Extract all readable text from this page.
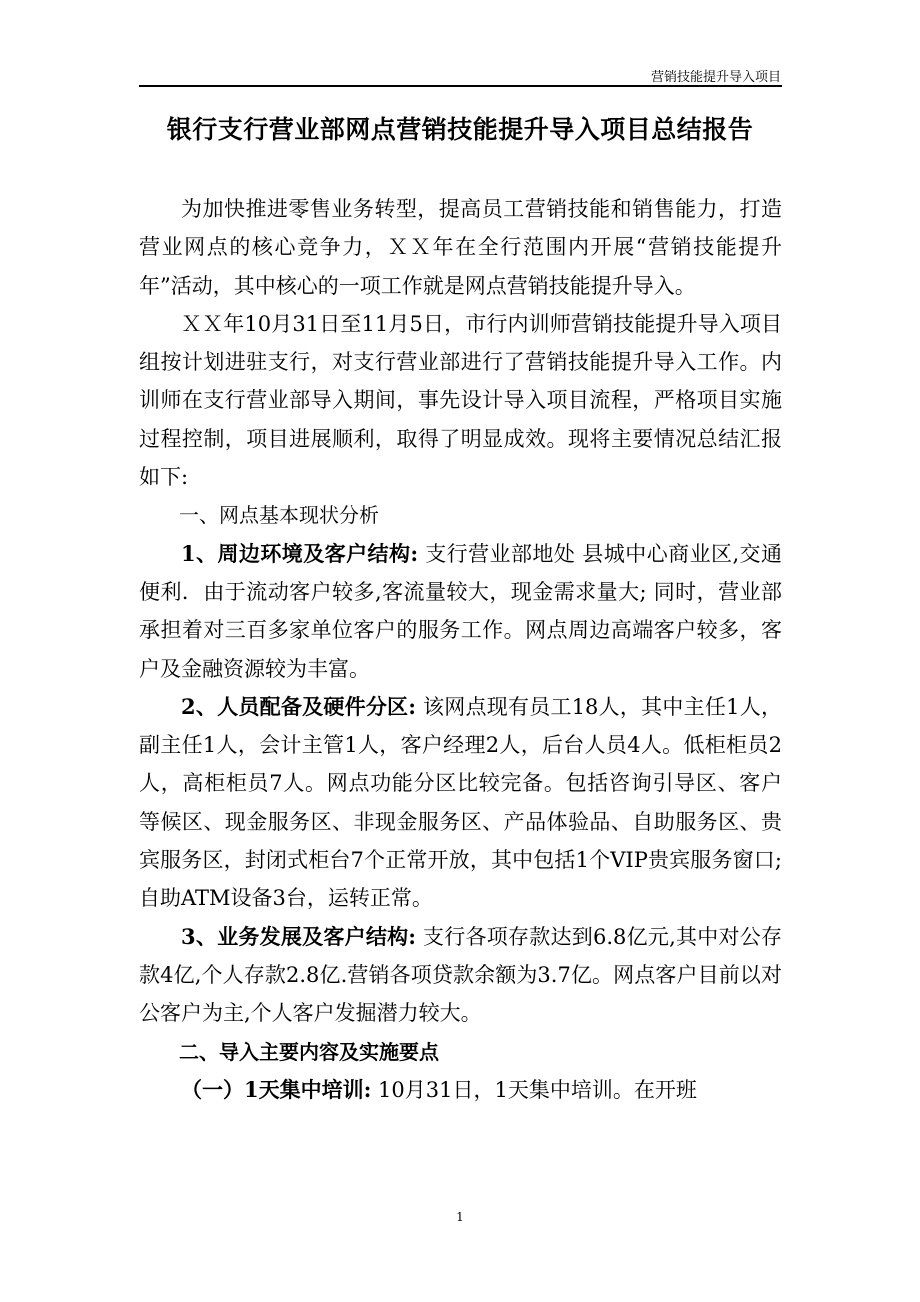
营销技能提升导入项目
银行支行营业部网点营销技能提升导入项目总结报告

为加快推进零售业务转型，提高员工营销技能和销售能力，打造营业网点的核心竞争力，ＸＸ年在全行范围内开展“营销技能提升年”活动，其中核心的一项工作就是网点营销技能提升导入。

ＸＸ年10月31日至11月5日，市行内训师营销技能提升导入项目组按计划进驻支行，对支行营业部进行了营销技能提升导入工作。内训师在支行营业部导入期间，事先设计导入项目流程，严格项目实施过程控制，项目进展顺利，取得了明显成效。现将主要情况总结汇报如下:

一、网点基本现状分析

1、周边环境及客户结构: 支行营业部地处 县城中心商业区,交通便利．由于流动客户较多,客流量较大，现金需求量大; 同时，营业部承担着对三百多家单位客户的服务工作。网点周边高端客户较多，客户及金融资源较为丰富。

2、人员配备及硬件分区: 该网点现有员工18人，其中主任1人，副主任1人，会计主管1人，客户经理2人，后台人员4人。低柜柜员2人，高柜柜员7人。网点功能分区比较完备。包括咨询引导区、客户等候区、现金服务区、非现金服务区、产品体验品、自助服务区、贵宾服务区，封闭式柜台7个正常开放，其中包括1个VIP贵宾服务窗口;自助ATM设备3台，运转正常。

3、业务发展及客户结构: 支行各项存款达到6.8亿元,其中对公存款4亿,个人存款2.8亿.营销各项贷款余额为3.7亿。网点客户目前以对公客户为主,个人客户发掘潜力较大。

二、导入主要内容及实施要点

（一）1天集中培训: 10月31日，1天集中培训。在开班

1
